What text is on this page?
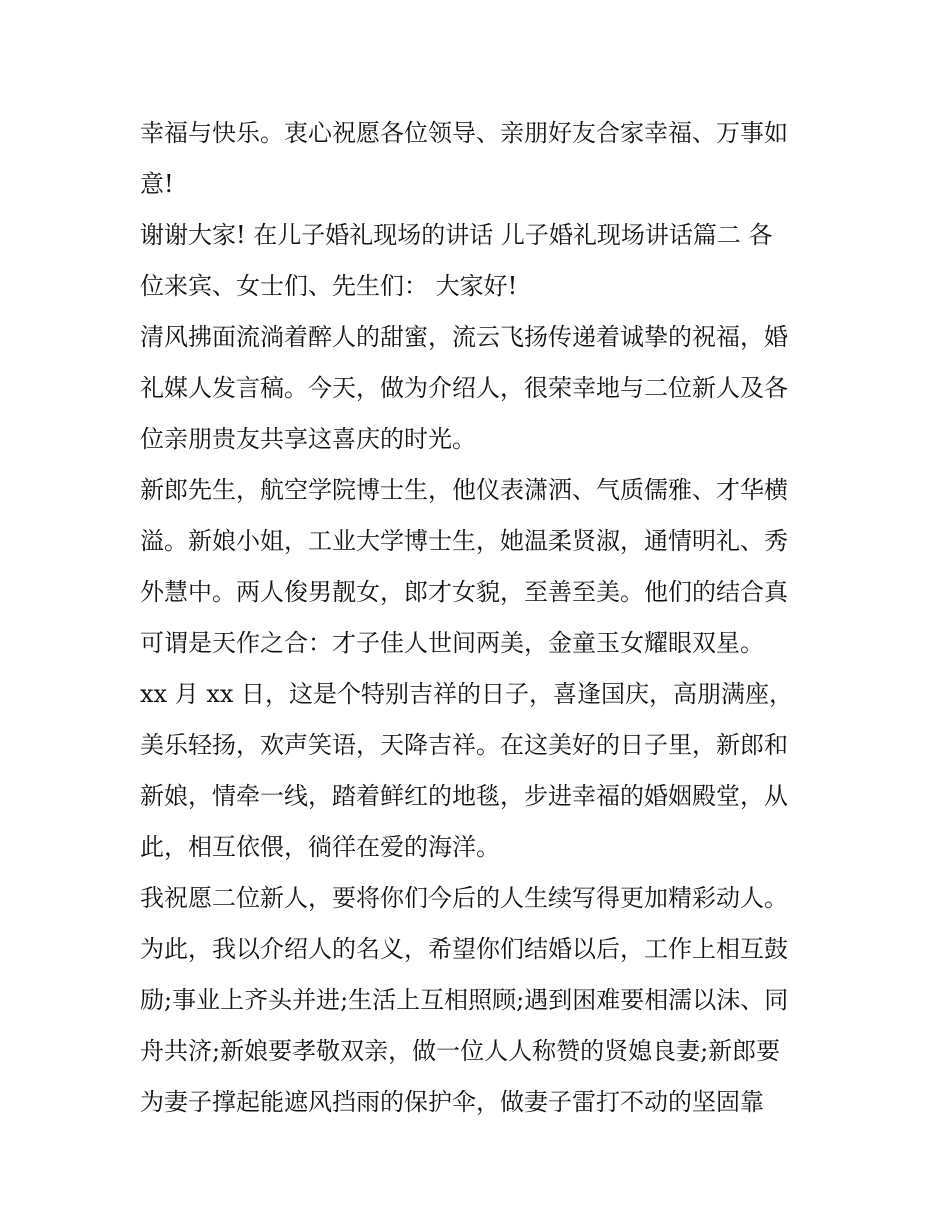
幸福与快乐。衷心祝愿各位领导、亲朋好友合家幸福、万事如
意!
谢谢大家! 在儿子婚礼现场的讲话 儿子婚礼现场讲话篇二 各
位来宾、女士们、先生们： 大家好!
清风拂面流淌着醉人的甜蜜，流云飞扬传递着诚挚的祝福，婚
礼媒人发言稿。今天，做为介绍人，很荣幸地与二位新人及各
位亲朋贵友共享这喜庆的时光。
新郎先生，航空学院博士生，他仪表潇洒、气质儒雅、才华横
溢。新娘小姐，工业大学博士生，她温柔贤淑，通情明礼、秀
外慧中。两人俊男靓女，郎才女貌，至善至美。他们的结合真
可谓是天作之合：才子佳人世间两美，金童玉女耀眼双星。
xx 月 xx 日，这是个特别吉祥的日子，喜逢国庆，高朋满座，
美乐轻扬，欢声笑语，天降吉祥。在这美好的日子里，新郎和
新娘，情牵一线，踏着鲜红的地毯，步进幸福的婚姻殿堂，从
此，相互依偎，徜徉在爱的海洋。
我祝愿二位新人，要将你们今后的人生续写得更加精彩动人。
为此，我以介绍人的名义，希望你们结婚以后，工作上相互鼓
励;事业上齐头并进;生活上互相照顾;遇到困难要相濡以沫、同
舟共济;新娘要孝敬双亲，做一位人人称赞的贤媳良妻;新郎要
为妻子撑起能遮风挡雨的保护伞，做妻子雷打不动的坚固靠
